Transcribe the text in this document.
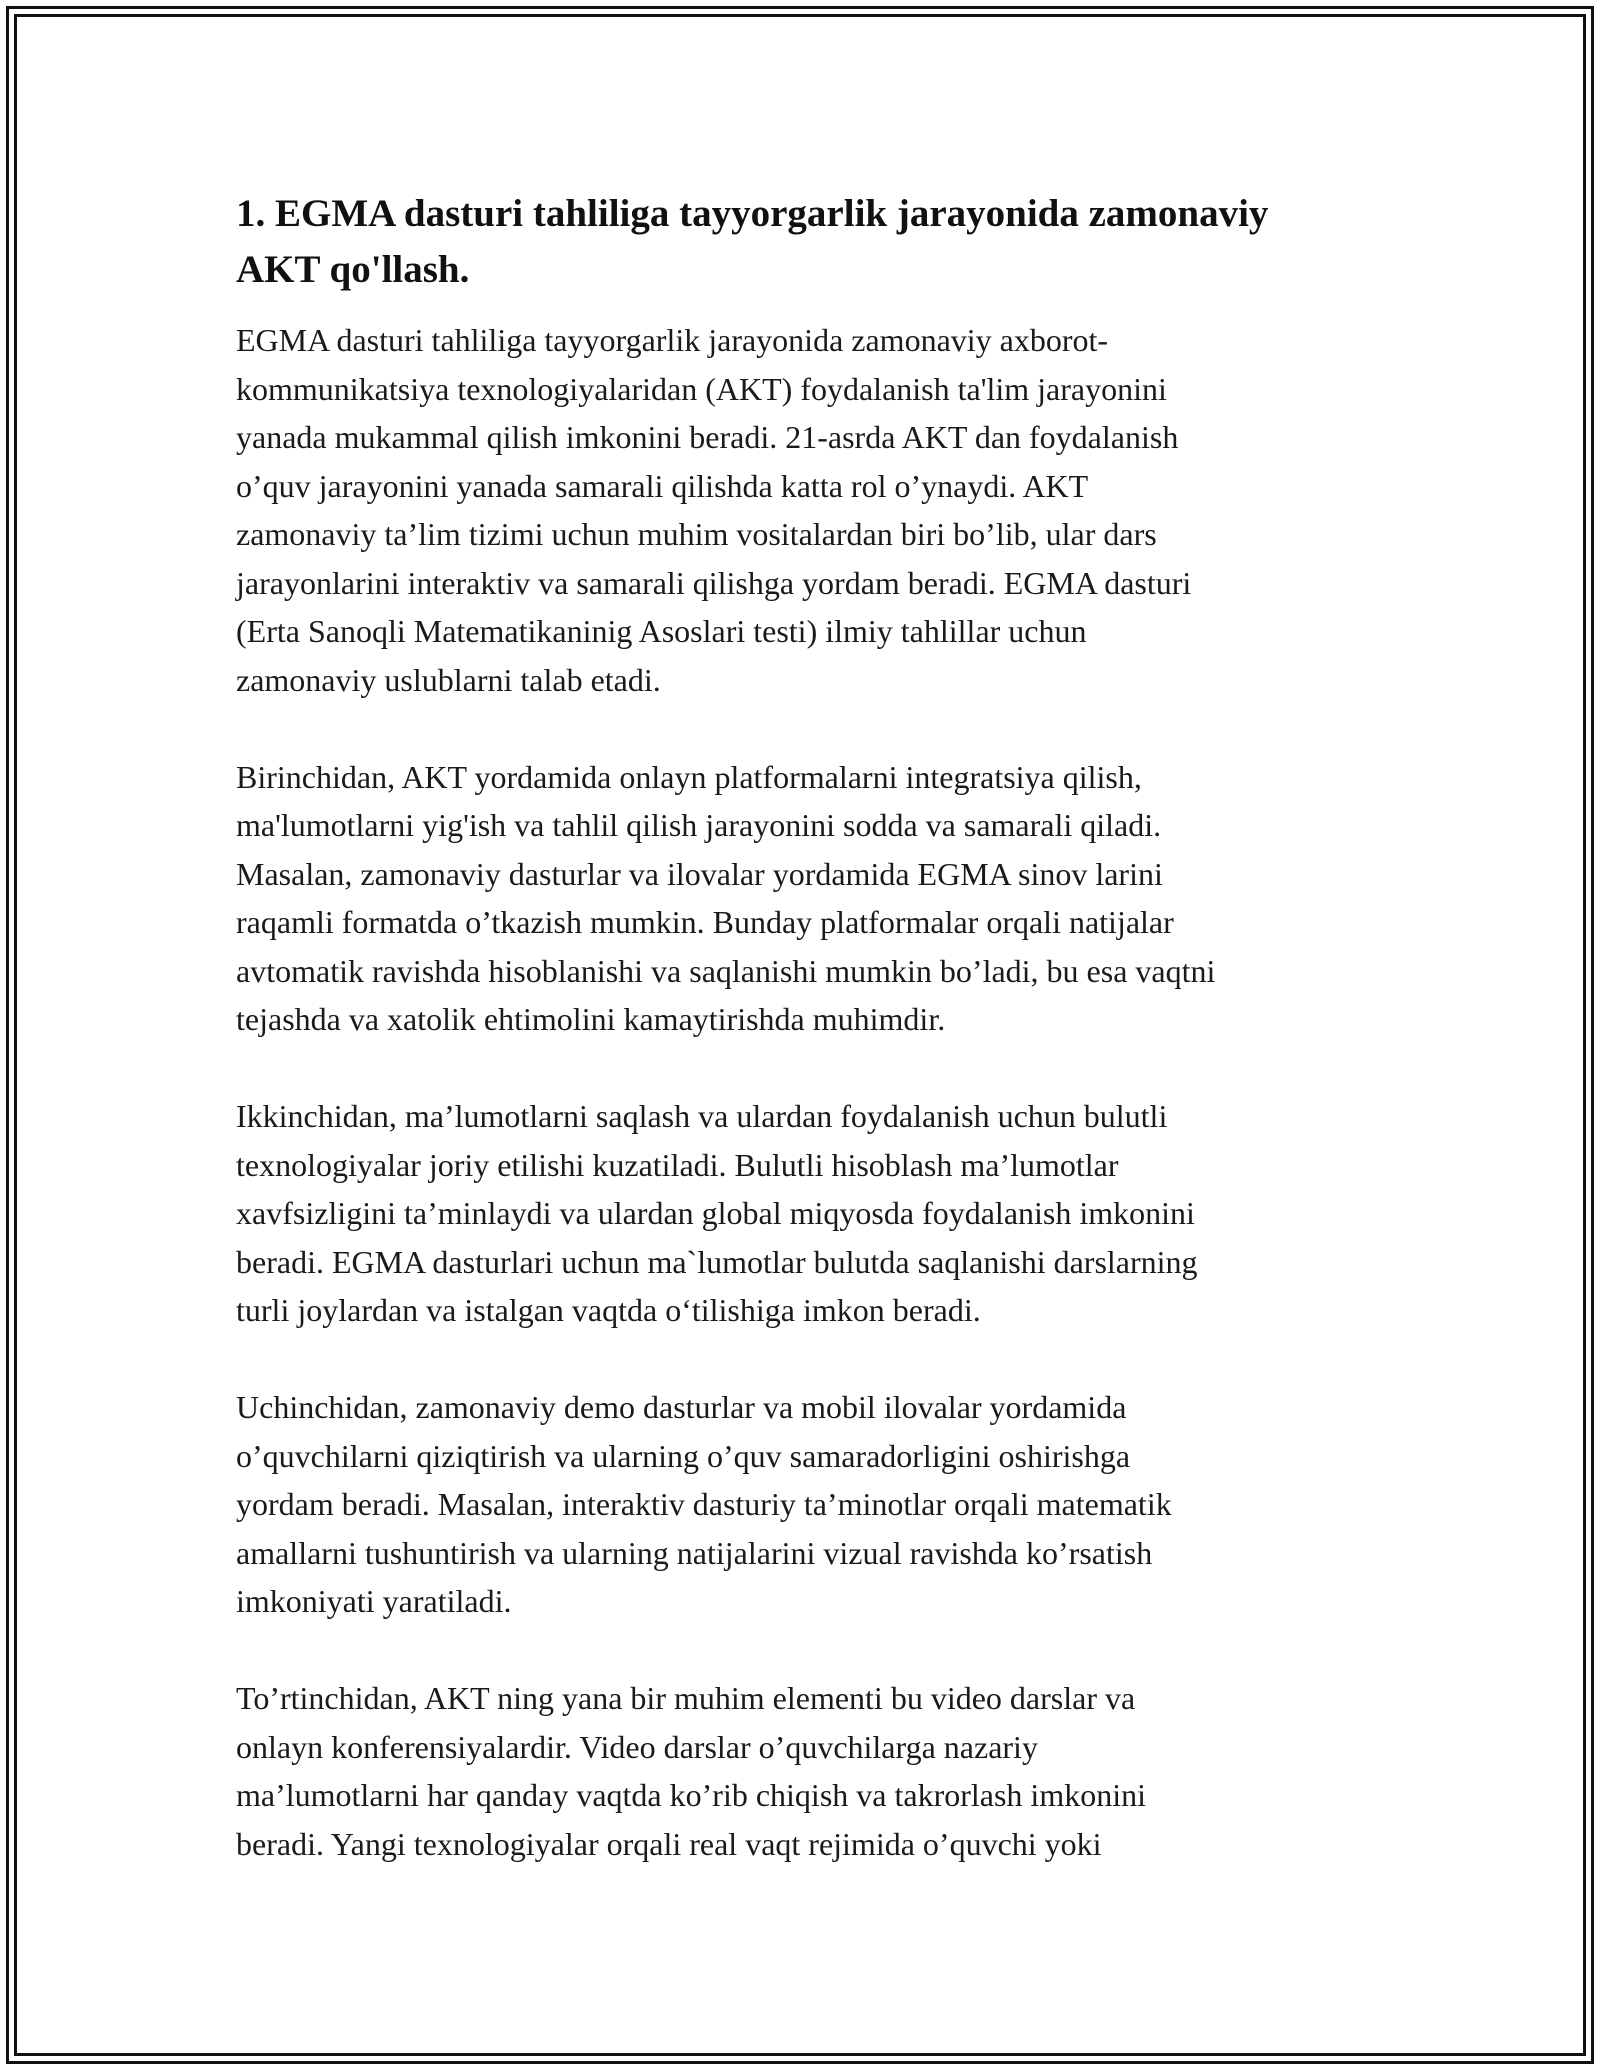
1. EGMA dasturi tahliliga tayyorgarlik jarayonida zamonaviy
AKT qo'llash.

EGMA dasturi tahliliga tayyorgarlik jarayonida zamonaviy axborot-
kommunikatsiya texnologiyalaridan (AKT) foydalanish ta'lim jarayonini
yanada mukammal qilish imkonini beradi. 21-asrda AKT dan foydalanish
o’quv jarayonini yanada samarali qilishda katta rol o’ynaydi. AKT
zamonaviy ta’lim tizimi uchun muhim vositalardan biri bo’lib, ular dars
jarayonlarini interaktiv va samarali qilishga yordam beradi. EGMA dasturi
(Erta Sanoqli Matematikaninig Asoslari testi) ilmiy tahlillar uchun
zamonaviy uslublarni talab etadi.

Birinchidan, AKT yordamida onlayn platformalarni integratsiya qilish,
ma'lumotlarni yig'ish va tahlil qilish jarayonini sodda va samarali qiladi.
Masalan, zamonaviy dasturlar va ilovalar yordamida EGMA sinov larini
raqamli formatda o’tkazish mumkin. Bunday platformalar orqali natijalar
avtomatik ravishda hisoblanishi va saqlanishi mumkin bo’ladi, bu esa vaqtni
tejashda va xatolik ehtimolini kamaytirishda muhimdir.

Ikkinchidan, ma’lumotlarni saqlash va ulardan foydalanish uchun bulutli
texnologiyalar joriy etilishi kuzatiladi. Bulutli hisoblash ma’lumotlar
xavfsizligini ta’minlaydi va ulardan global miqyosda foydalanish imkonini
beradi. EGMA dasturlari uchun ma`lumotlar bulutda saqlanishi darslarning
turli joylardan va istalgan vaqtda o‘tilishiga imkon beradi.

Uchinchidan, zamonaviy demo dasturlar va mobil ilovalar yordamida
o’quvchilarni qiziqtirish va ularning o’quv samaradorligini oshirishga
yordam beradi. Masalan, interaktiv dasturiy ta’minotlar orqali matematik
amallarni tushuntirish va ularning natijalarini vizual ravishda ko’rsatish
imkoniyati yaratiladi.

To’rtinchidan, AKT ning yana bir muhim elementi bu video darslar va
onlayn konferensiyalardir. Video darslar o’quvchilarga nazariy
ma’lumotlarni har qanday vaqtda ko’rib chiqish va takrorlash imkonini
beradi. Yangi texnologiyalar orqali real vaqt rejimida o’quvchi yoki
